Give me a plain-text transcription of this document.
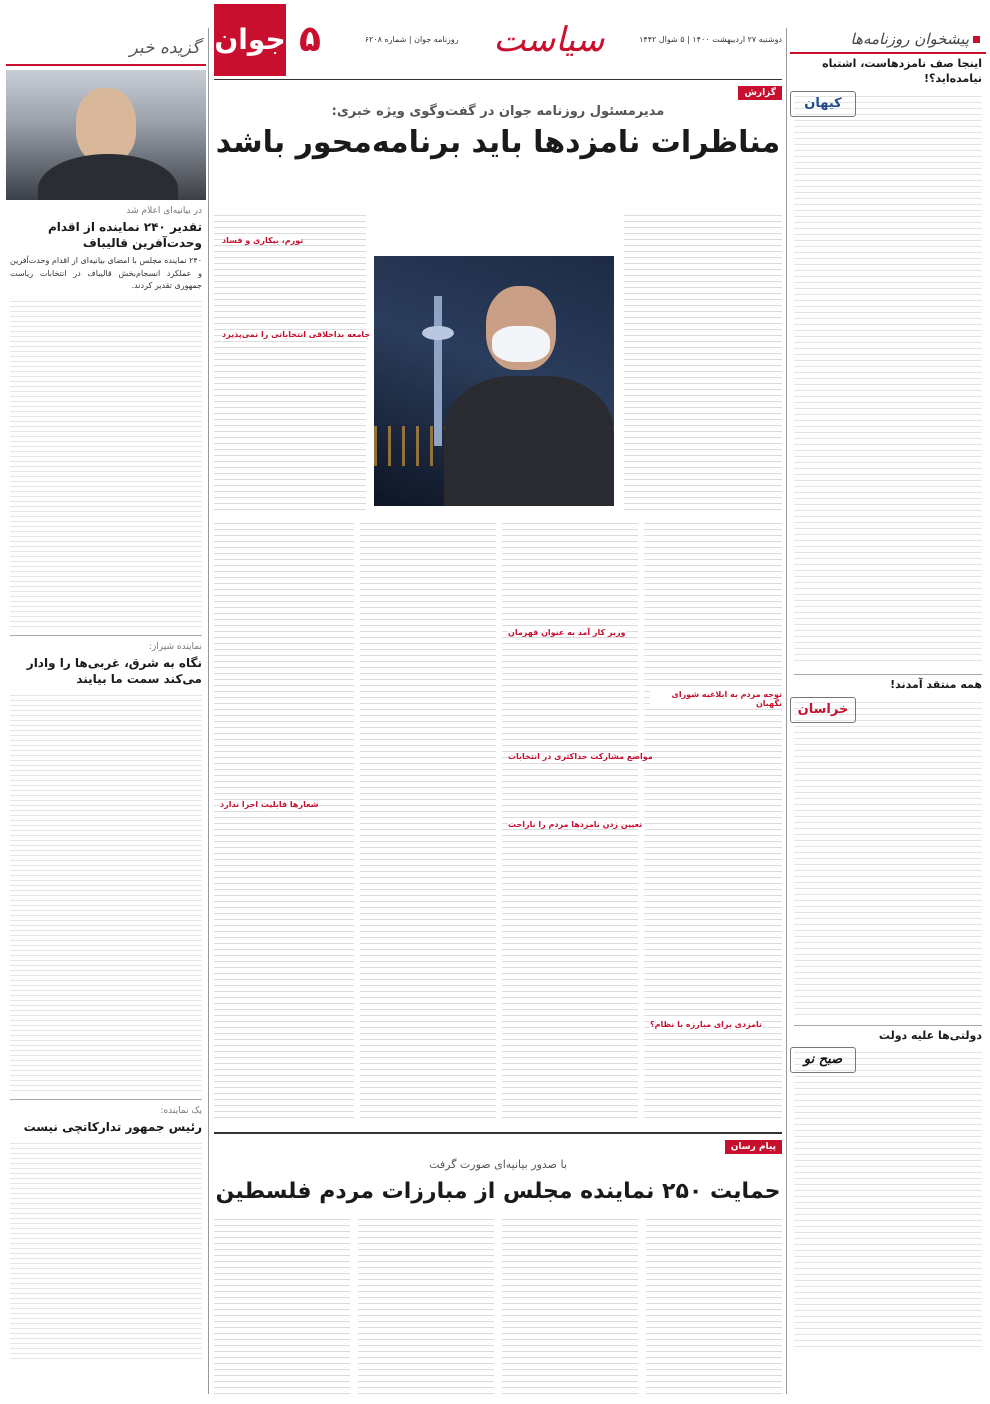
گزیده خبر
در بیانیه‌ای اعلام شد
تقدیر ۲۴۰ نماینده از اقدام وحدت‌آفرین قالیباف
۲۴۰ نماینده مجلس با امضای بیانیه‌ای از اقدام وحدت‌آفرین و عملکرد انسجام‌بخش قالیباف در انتخابات ریاست جمهوری تقدیر کردند.
نماینده شیراز:
نگاه به شرق، غربی‌ها را وادار می‌کند سمت ما بیایند
یک نماینده:
رئیس جمهور تدارکاتچی نیست
دوشنبه ۲۷ اردیبهشت ۱۴۰۰ | ۵ شوال ۱۴۴۲
سیاست
روزنامه جوان | شماره ۶۲۰۸
۵
جوان
گزارش
مدیرمسئول روزنامه جوان در گفت‌وگوی ویژه خبری:
مناظرات نامزدها باید برنامه‌محور باشد
تورم، بیکاری و فساد
جامعه بداخلاقی انتخاباتی را نمی‌پذیرد
توجه مردم به ابلاغیه شورای نگهبان
نامزدی برای مبارزه با نظام؟
وزیر کار آمد به عنوان قهرمان
تعیین زدن نامزدها مردم را ناراحت
مواضع مشارکت حداکثری در انتخابات
شعارها قابلیت اجرا ندارد
پیام رسان
با صدور بیانیه‌ای صورت گرفت
حمایت ۲۵۰ نماینده مجلس از مبارزات مردم فلسطین
پیشخوان روزنامه‌ها
اینجا صف نامزدهاست، اشتباه نیامده‌اید؟!
کیهان
همه منتقد آمدند!
خراسان
دولتی‌ها علیه دولت
صبح نو
